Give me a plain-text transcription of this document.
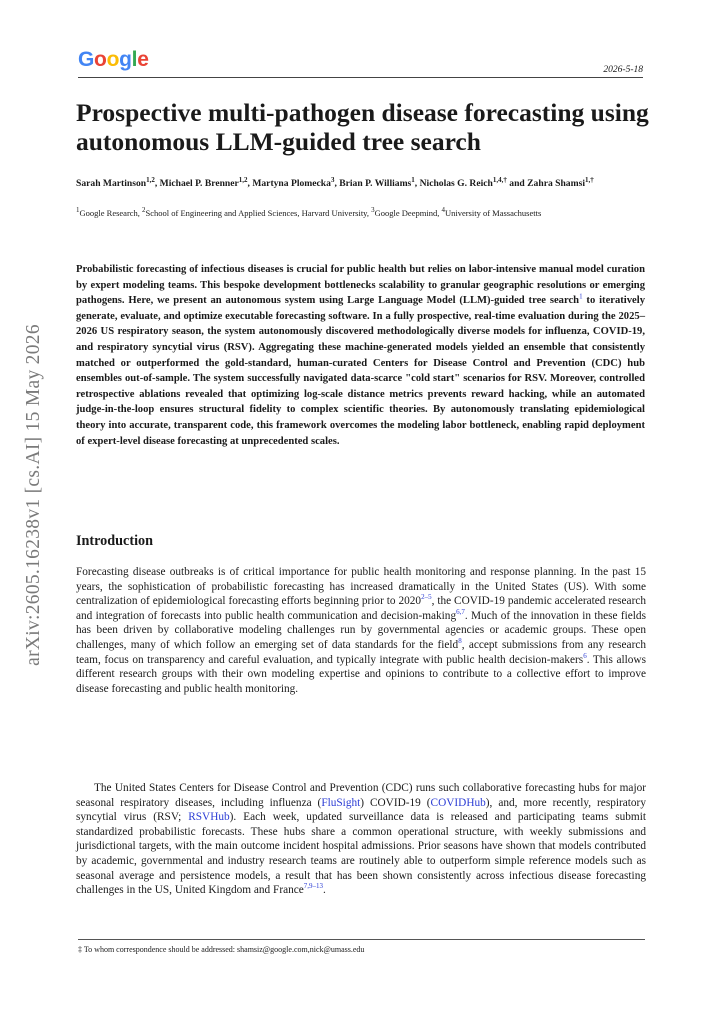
Google	2026-5-18
arXiv:2605.16238v1 [cs.AI] 15 May 2026
Prospective multi-pathogen disease forecasting using autonomous LLM-guided tree search
Sarah Martinson$^{1,2}$, Michael P. Brenner$^{1,2}$, Martyna Plomecka$^3$, Brian P. Williams$^1$, Nicholas G. Reich$^{1,4,\dagger}$ and Zahra Shamsi$^{1,\dagger}$
$^1$Google Research, $^2$School of Engineering and Applied Sciences, Harvard University, $^3$Google Deepmind, $^4$University of Massachusetts
Probabilistic forecasting of infectious diseases is crucial for public health but relies on labor-intensive manual model curation by expert modeling teams. This bespoke development bottlenecks scalability to granular geographic resolutions or emerging pathogens. Here, we present an autonomous system using Large Language Model (LLM)-guided tree search$^1$ to iteratively generate, evaluate, and optimize executable forecasting software. In a fully prospective, real-time evaluation during the 2025–2026 US respiratory season, the system autonomously discovered methodologically diverse models for influenza, COVID-19, and respiratory syncytial virus (RSV). Aggregating these machine-generated models yielded an ensemble that consistently matched or outperformed the gold-standard, human-curated Centers for Disease Control and Prevention (CDC) hub ensembles out-of-sample. The system successfully navigated data-scarce "cold start" scenarios for RSV. Moreover, controlled retrospective ablations revealed that optimizing log-scale distance metrics prevents reward hacking, while an automated judge-in-the-loop ensures structural fidelity to complex scientific theories. By autonomously translating epidemiological theory into accurate, transparent code, this framework overcomes the modeling labor bottleneck, enabling rapid deployment of expert-level disease forecasting at unprecedented scales.
Introduction
Forecasting disease outbreaks is of critical importance for public health monitoring and response planning. In the past 15 years, the sophistication of probabilistic forecasting has increased dramatically in the United States (US). With some centralization of epidemiological forecasting efforts beginning prior to 2020$^{2-5}$, the COVID-19 pandemic accelerated research and integration of forecasts into public health communication and decision-making$^{6,7}$. Much of the innovation in these fields has been driven by collaborative modeling challenges run by governmental agencies or academic groups. These open challenges, many of which follow an emerging set of data standards for the field$^8$, accept submissions from any research team, focus on transparency and careful evaluation, and typically integrate with public health decision-makers$^6$. This allows different research groups with their own modeling expertise and opinions to contribute to a collective effort to improve disease forecasting and public health monitoring.
The United States Centers for Disease Control and Prevention (CDC) runs such collaborative forecasting hubs for major seasonal respiratory diseases, including influenza (FluSight) COVID-19 (COVIDHub), and, more recently, respiratory syncytial virus (RSV; RSVHub). Each week, updated surveillance data is released and participating teams submit standardized probabilistic forecasts. These hubs share a common operational structure, with weekly submissions and jurisdictional targets, with the main outcome incident hospital admissions. Prior seasons have shown that models contributed by academic, governmental and industry research teams are routinely able to outperform simple reference models such as seasonal average and persistence models, a result that has been shown consistently across infectious disease forecasting challenges in the US, United Kingdom and France$^{7,9-13}$.
‡ To whom correspondence should be addressed: shamsiz@google.com,nick@umass.edu
